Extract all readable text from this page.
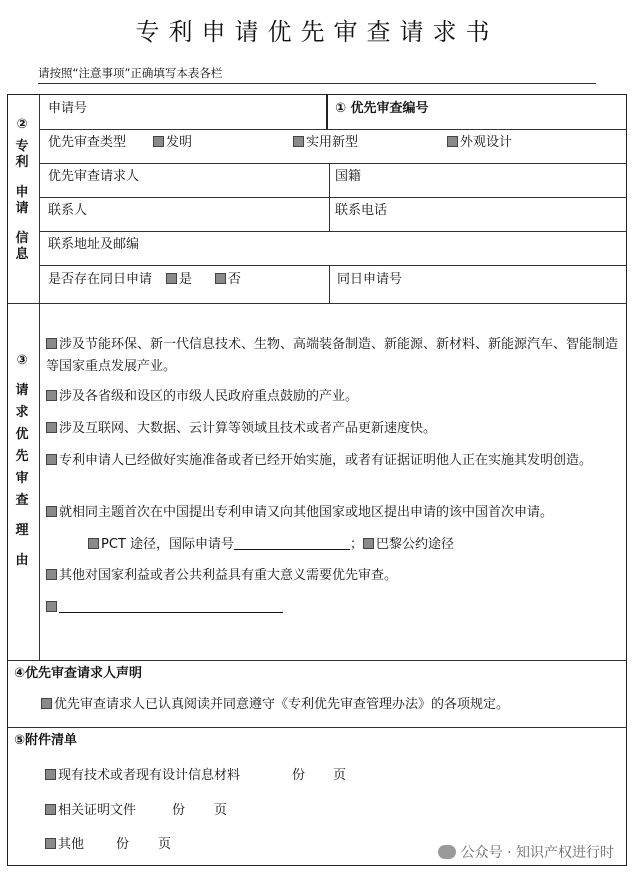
专利申请优先审查请求书
请按照“注意事项”正确填写本表各栏
②
专
利
申
请
信
息
申请号	① 优先审查编号
优先审查类型	发明	实用新型	外观设计
优先审查请求人	国籍
联系人	联系电话
联系地址及邮编
是否存在同日申请	是	否	同日申请号
③
请
求
优
先
审
查
理
由
涉及节能环保、新一代信息技术、生物、高端装备制造、新能源、新材料、新能源汽车、智能制造等国家重点发展产业。
涉及各省级和设区的市级人民政府重点鼓励的产业。
涉及互联网、大数据、云计算等领域且技术或者产品更新速度快。
专利申请人已经做好实施准备或者已经开始实施，或者有证据证明他人正在实施其发明创造。
就相同主题首次在中国提出专利申请又向其他国家或地区提出申请的该中国首次申请。
PCT 途径，国际申请号	； 巴黎公约途径
其他对国家利益或者公共利益具有重大意义需要优先审查。
④优先审查请求人声明
优先审查请求人已认真阅读并同意遵守《专利优先审查管理办法》的各项规定。
⑤附件清单
现有技术或者现有设计信息材料	份 页
相关证明文件	份 页
其他 份 页
公众号 · 知识产权进行时
